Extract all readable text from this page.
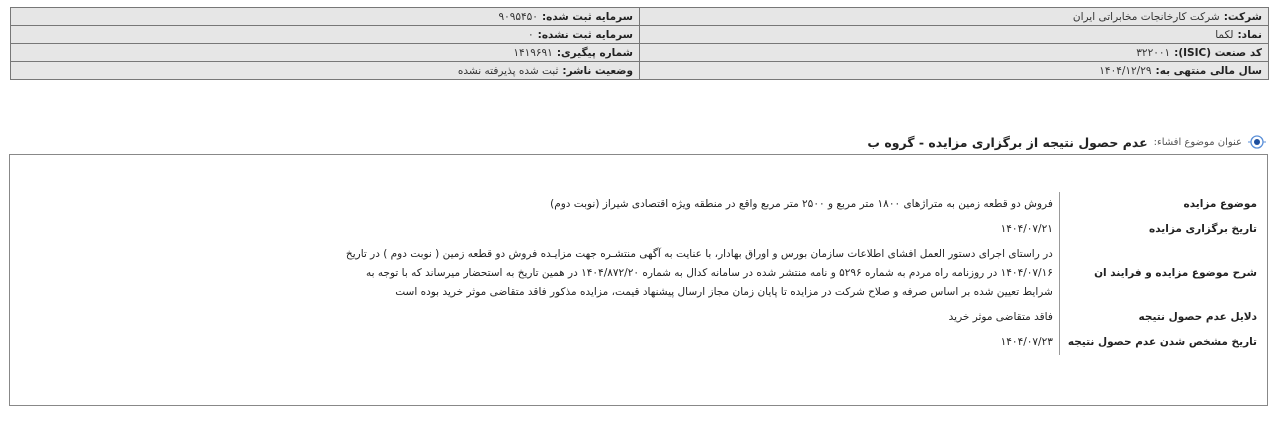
شرکت:شرکت کارخانجات مخابراتی ایران	سرمایه ثبت شده:۹۰۹۵۴۵۰
نماد:لکما	سرمایه ثبت نشده:۰
کد صنعت (ISIC):۳۲۲۰۰۱	شماره پیگیری:۱۴۱۹۶۹۱
سال مالی منتهی به:۱۴۰۴/۱۲/۲۹	وضعیت ناشر:ثبت شده پذیرفته نشده
عنوان موضوع افشاء:
عدم حصول نتیجه از برگزاری مزایده - گروه ب
موضوع مزایده	فروش دو قطعه زمین به متراژهای ۱۸۰۰ متر مربع و ۲۵۰۰ متر مربع واقع در منطقه ویژه اقتصادی شیراز (نوبت دوم)
تاریخ برگزاری مزایده	۱۴۰۴/۰۷/۲۱
شرح موضوع مزایده و فرایند ان	در راستای اجرای دستور العمل افشای اطلاعات سازمان بورس و اوراق بهادار، با عنایت به آگهی منتشـره جهت مزایـده فروش دو قطعه زمین ( نوبت دوم ) در تاریخ ۱۴۰۴/۰۷/۱۶ در روزنامه راه مردم به شماره ۵۲۹۶ و نامه منتشر شده در سامانه کدال به شماره ۱۴۰۴/۸۷۲/۲۰ در همین تاریخ به استحضار میرساند که با توجه به شرایط تعیین شده بر اساس صرفه و صلاح شرکت در مزایده تا پایان زمان مجاز ارسال پیشنهاد قیمت، مزایده مذکور فاقد متقاضی موثر خرید بوده است
دلایل عدم حصول نتیجه	فاقد متقاضی موثر خرید
تاریخ مشخص شدن عدم حصول نتیجه	۱۴۰۴/۰۷/۲۳
